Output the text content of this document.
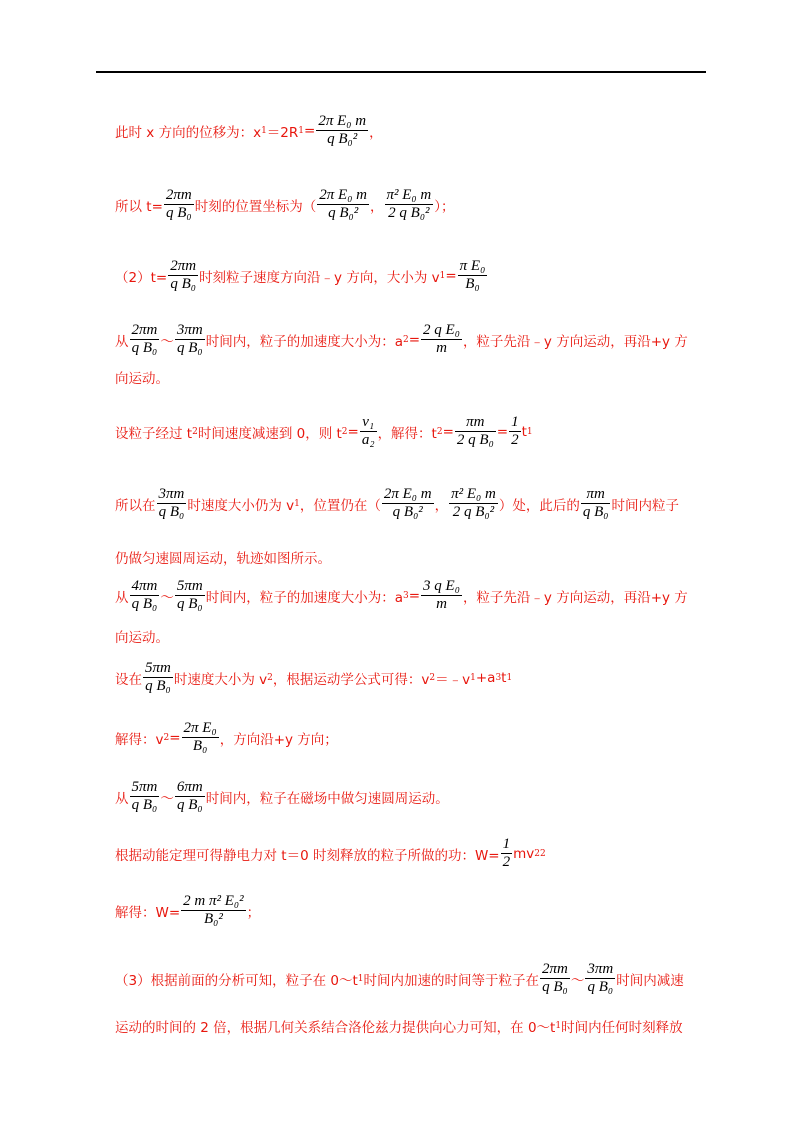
此时 x 方向的位移为：x 1 ＝2R $1 = \frac{\text{2π E₀ m}}{\text{q B₀²}}$ ，
所以 $t= \frac{2\pi m}{\text{q B₀}}$ 时刻的位置坐标为（ $\frac{\text{2π E₀ m}}{\text{q B₀²}}$ ， $\frac{\text{π² E₀ m}}{\text{2 q B₀²}}$ ）；
$(2)t= \frac{2\pi m}{\text{q B₀}}$ 时刻粒子速度方向沿﹣y 方向，大小为 v $1 = \frac{\text{π E₀}}{\text{B₀}}$
从 $\frac{2\pi m}{\text{q B₀}}$ ～ $\frac{3\pi m}{\text{q B₀}}$ 时间内，粒子的加速度大小为：a $2 = \frac{\text{2 q E₀}}{m}$ ，粒子先沿﹣y 方向运动，再沿+y 方
向运动。
设粒子经过 t 2 时间速度减速到 0，则 t $2 = \frac{\text{v₁}}{\text{a₂}}$ ，解得：t $2 = \frac{\pi m}{\text{2 q B₀}} = \frac{1}{2}$ t 1
所以在 $\frac{3\pi m}{\text{q B₀}}$ 时速度大小仍为 v 1 ，位置仍在（ $\frac{\text{2π E₀ m}}{\text{q B₀²}}$ ， $\frac{\text{π² E₀ m}}{\text{2 q B₀²}}$ ）处，此后的 $\frac{\pi m}{\text{q B₀}}$ 时间内粒子
仍做匀速圆周运动，轨迹如图所示。
从 $\frac{4\pi m}{\text{q B₀}}$ ～ $\frac{5\pi m}{\text{q B₀}}$ 时间内，粒子的加速度大小为：a $3 = \frac{\text{3 q E₀}}{m}$ ，粒子先沿﹣y 方向运动，再沿+y 方
向运动。
设在 $\frac{5\pi m}{\text{q B₀}}$ 时速度大小为 v 2 ，根据运动学公式可得：v 2 ＝﹣v 1 +a 3 t 1
解得：v $2 = \frac{\text{2π E₀}}{\text{B₀}}$ ，方向沿+y 方向；
从 $\frac{5\pi m}{\text{q B₀}}$ ～ $\frac{6\pi m}{\text{q B₀}}$ 时间内，粒子在磁场中做匀速圆周运动。
根据动能定理可得静电力对 t＝0 时刻释放的粒子所做的功：$W= \frac{1}{2}$ mv 2 2
解得：$W= \frac{\text{2 m π² E₀²}}{\text{B₀²}}$ ；
（3）根据前面的分析可知，粒子在 0～t 1 时间内加速的时间等于粒子在 $\frac{2\pi m}{\text{q B₀}}$ ～ $\frac{3\pi m}{\text{q B₀}}$ 时间内减速
运动的时间的 2 倍，根据几何关系结合洛伦兹力提供向心力可知，在 0～t 1 时间内任何时刻释放
